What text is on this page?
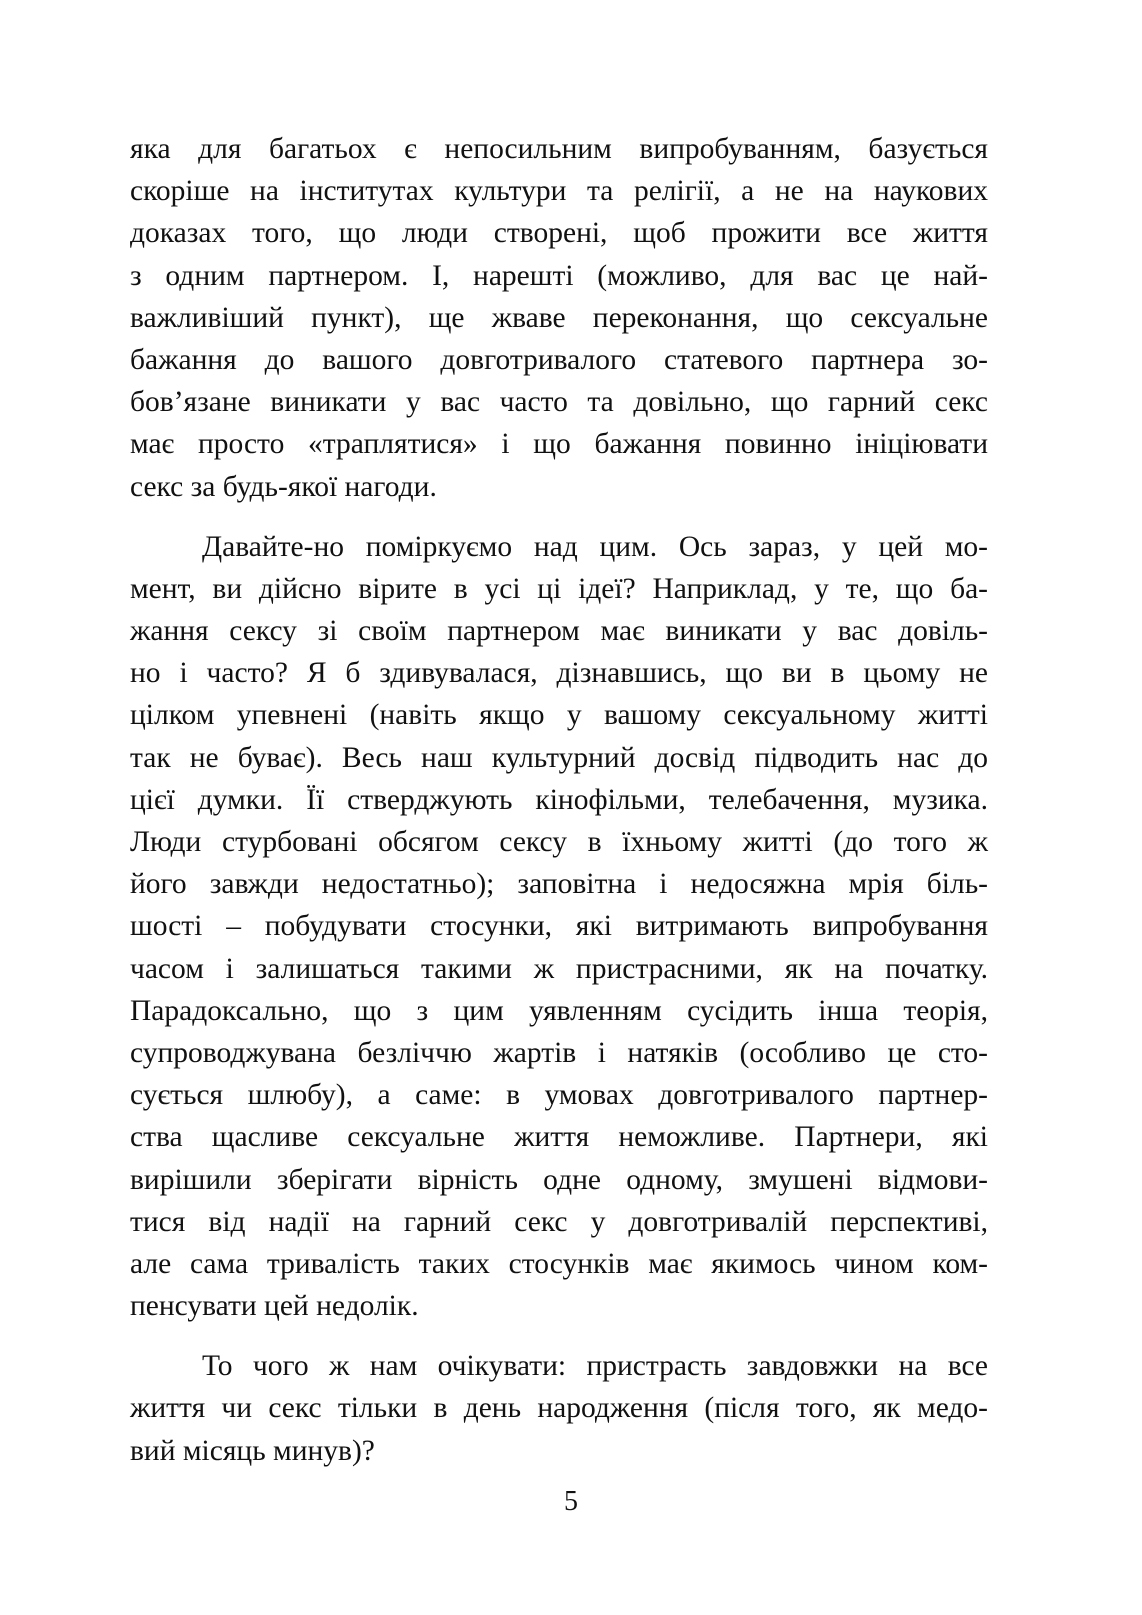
яка для багатьох є непосильним випробуванням, базується
скоріше на інститутах культури та релігії, а не на наукових
доказах того, що люди створені, щоб прожити все життя
з одним партнером. І, нарешті (можливо, для вас це най-
важливіший пункт), ще жваве переконання, що сексуальне
бажання до вашого довготривалого статевого партнера зо-
бов’язане виникати у вас часто та довільно, що гарний секс
має просто «траплятися» і що бажання повинно ініціювати
секс за будь-якої нагоди.
Давайте-но поміркуємо над цим. Ось зараз, у цей мо-
мент, ви дійсно вірите в усі ці ідеї? Наприклад, у те, що ба-
жання сексу зі своїм партнером має виникати у вас довіль-
но і часто? Я б здивувалася, дізнавшись, що ви в цьому не
цілком упевнені (навіть якщо у вашому сексуальному житті
так не буває). Весь наш культурний досвід підводить нас до
цієї думки. Її стверджують кінофільми, телебачення, музика.
Люди стурбовані обсягом сексу в їхньому житті (до того ж
його завжди недостатньо); заповітна і недосяжна мрія біль-
шості – побудувати стосунки, які витримають випробування
часом і залишаться такими ж пристрасними, як на початку.
Парадоксально, що з цим уявленням сусідить інша теорія,
супроводжувана безліччю жартів і натяків (особливо це сто-
сується шлюбу), а саме: в умовах довготривалого партнер-
ства щасливе сексуальне життя неможливе. Партнери, які
вирішили зберігати вірність одне одному, змушені відмови-
тися від надії на гарний секс у довготривалій перспективі,
але сама тривалість таких стосунків має якимось чином ком-
пенсувати цей недолік.
То чого ж нам очікувати: пристрасть завдовжки на все
життя чи секс тільки в день народження (після того, як медо-
вий місяць минув)?
5
